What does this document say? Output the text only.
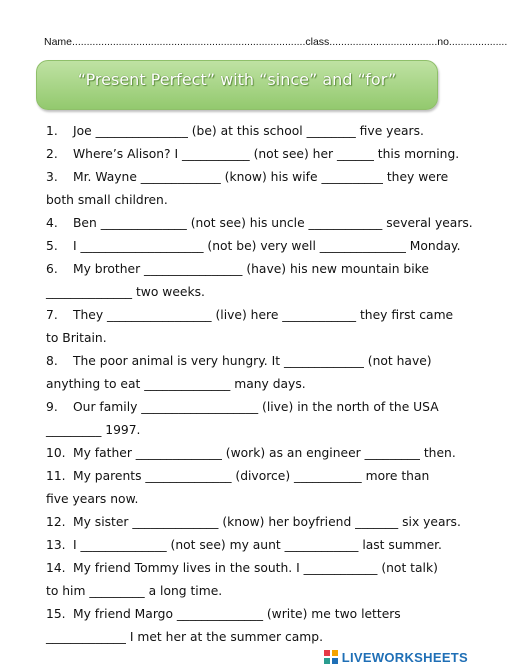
Name................................................................................class.....................................no....................
“Present Perfect” with “since” and “for”
1. Joe _______________ (be) at this school ________ five years.
2. Where’s Alison? I ___________ (not see) her ______ this morning.
3. Mr. Wayne _____________ (know) his wife __________ they were
both small children.
4. Ben ______________ (not see) his uncle ____________ several years.
5. I ____________________ (not be) very well ______________ Monday.
6. My brother ________________ (have) his new mountain bike
______________ two weeks.
7. They _________________ (live) here ____________ they first came
to Britain.
8. The poor animal is very hungry. It _____________ (not have)
anything to eat ______________ many days.
9. Our family ___________________ (live) in the north of the USA
_________ 1997.
10. My father ______________ (work) as an engineer _________ then.
11. My parents ______________ (divorce) ___________ more than
five years now.
12. My sister ______________ (know) her boyfriend _______ six years.
13. I ______________ (not see) my aunt ____________ last summer.
14. My friend Tommy lives in the south. I ____________ (not talk)
to him _________ a long time.
15. My friend Margo ______________ (write) me two letters
_____________ I met her at the summer camp.
LIVEWORKSHEETS
